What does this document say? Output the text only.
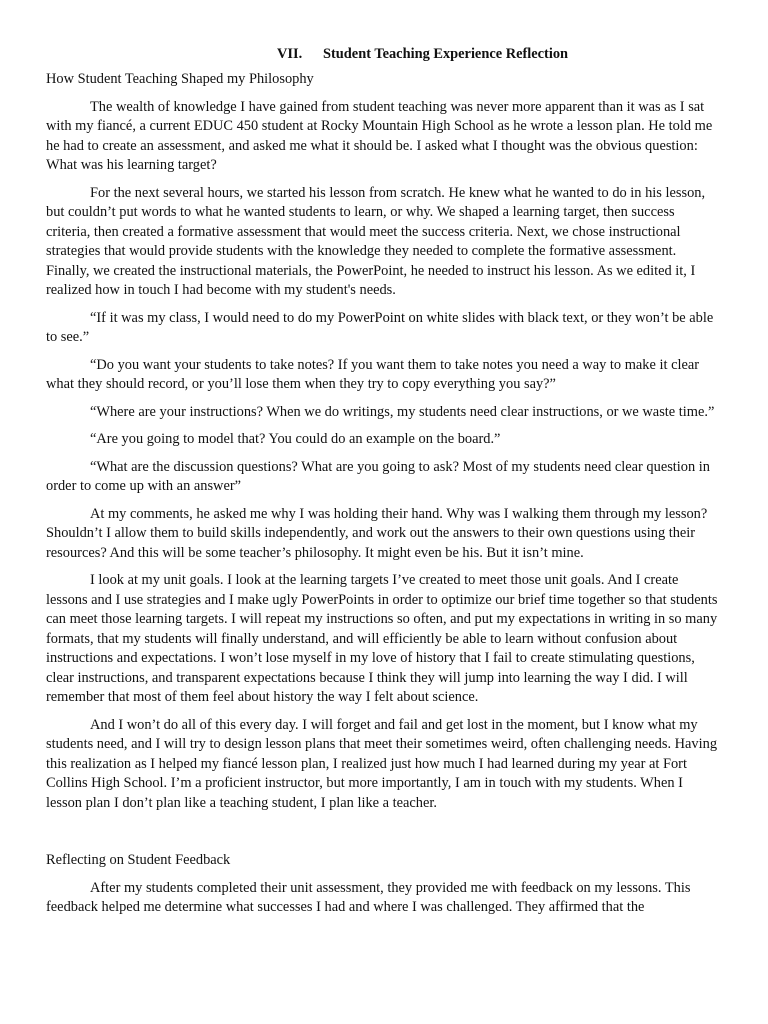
VII. Student Teaching Experience Reflection
How Student Teaching Shaped my Philosophy

The wealth of knowledge I have gained from student teaching was never more apparent than it was as I sat with my fiancé, a current EDUC 450 student at Rocky Mountain High School as he wrote a lesson plan. He told me he had to create an assessment, and asked me what it should be. I asked what I thought was the obvious question: What was his learning target?

For the next several hours, we started his lesson from scratch. He knew what he wanted to do in his lesson, but couldn’t put words to what he wanted students to learn, or why. We shaped a learning target, then success criteria, then created a formative assessment that would meet the success criteria. Next, we chose instructional strategies that would provide students with the knowledge they needed to complete the formative assessment. Finally, we created the instructional materials, the PowerPoint, he needed to instruct his lesson. As we edited it, I realized how in touch I had become with my student's needs.

“If it was my class, I would need to do my PowerPoint on white slides with black text, or they won’t be able to see.”

“Do you want your students to take notes? If you want them to take notes you need a way to make it clear what they should record, or you’ll lose them when they try to copy everything you say?”

“Where are your instructions? When we do writings, my students need clear instructions, or we waste time.”

“Are you going to model that? You could do an example on the board.”

“What are the discussion questions? What are you going to ask? Most of my students need clear question in order to come up with an answer”

At my comments, he asked me why I was holding their hand. Why was I walking them through my lesson? Shouldn’t I allow them to build skills independently, and work out the answers to their own questions using their resources? And this will be some teacher’s philosophy. It might even be his. But it isn’t mine.

I look at my unit goals. I look at the learning targets I’ve created to meet those unit goals. And I create lessons and I use strategies and I make ugly PowerPoints in order to optimize our brief time together so that students can meet those learning targets. I will repeat my instructions so often, and put my expectations in writing in so many formats, that my students will finally understand, and will efficiently be able to learn without confusion about instructions and expectations. I won’t lose myself in my love of history that I fail to create stimulating questions, clear instructions, and transparent expectations because I think they will jump into learning the way I did. I will remember that most of them feel about history the way I felt about science.

And I won’t do all of this every day. I will forget and fail and get lost in the moment, but I know what my students need, and I will try to design lesson plans that meet their sometimes weird, often challenging needs. Having this realization as I helped my fiancé lesson plan, I realized just how much I had learned during my year at Fort Collins High School. I’m a proficient instructor, but more importantly, I am in touch with my students. When I lesson plan I don’t plan like a teaching student, I plan like a teacher.

Reflecting on Student Feedback

After my students completed their unit assessment, they provided me with feedback on my lessons. This feedback helped me determine what successes I had and where I was challenged. They affirmed that the
